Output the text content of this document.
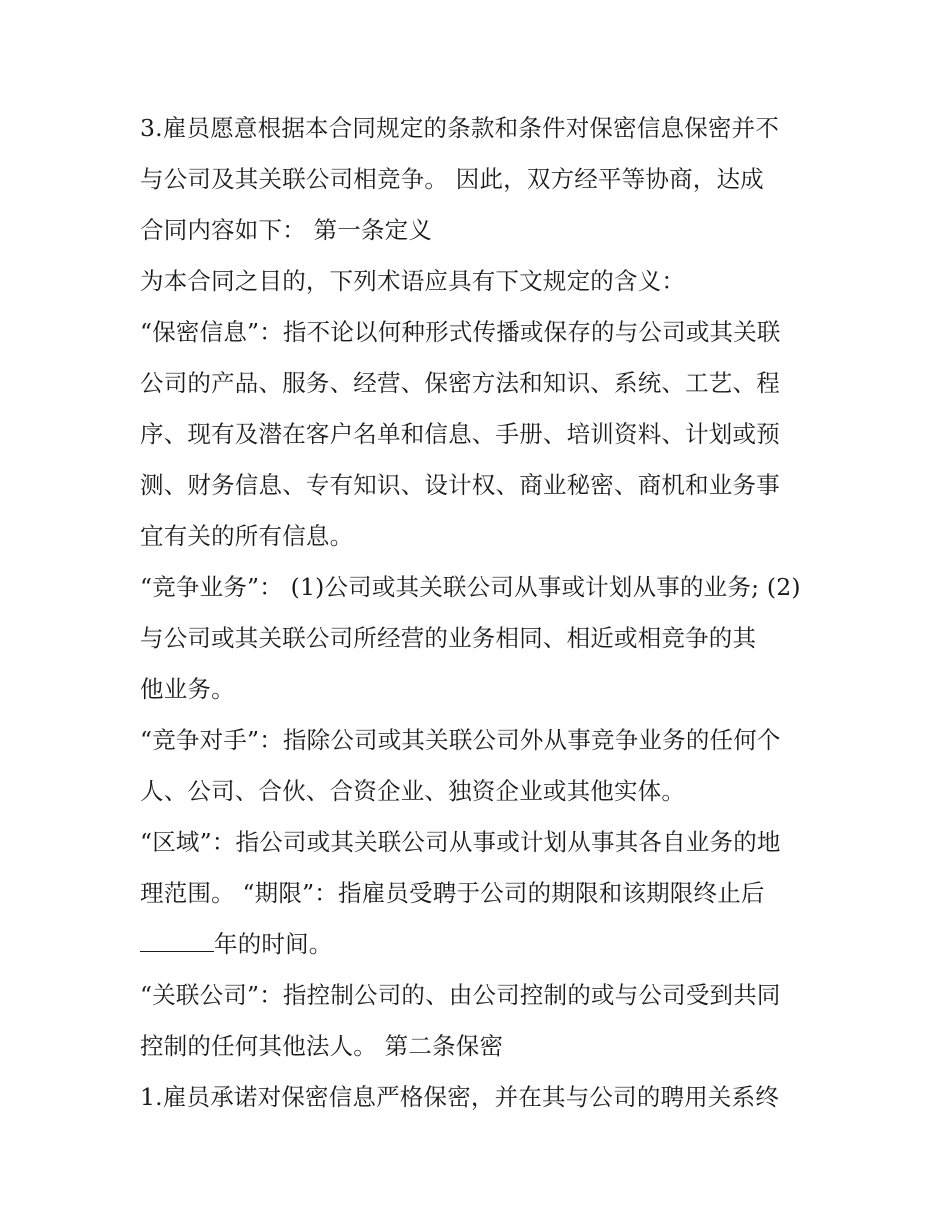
3.雇员愿意根据本合同规定的条款和条件对保密信息保密并不
与公司及其关联公司相竞争。 因此，双方经平等协商，达成
合同内容如下： 第一条定义
为本合同之目的，下列术语应具有下文规定的含义：
“保密信息”：指不论以何种形式传播或保存的与公司或其关联
公司的产品、服务、经营、保密方法和知识、系统、工艺、程
序、现有及潜在客户名单和信息、手册、培训资料、计划或预
测、财务信息、专有知识、设计权、商业秘密、商机和业务事
宜有关的所有信息。
“竞争业务”： (1)公司或其关联公司从事或计划从事的业务; (2)
与公司或其关联公司所经营的业务相同、相近或相竞争的其
他业务。
“竞争对手”：指除公司或其关联公司外从事竞争业务的任何个
人、公司、合伙、合资企业、独资企业或其他实体。
“区域”：指公司或其关联公司从事或计划从事其各自业务的地
理范围。 “期限”：指雇员受聘于公司的期限和该期限终止后
年的时间。
“关联公司”：指控制公司的、由公司控制的或与公司受到共同
控制的任何其他法人。 第二条保密
1.雇员承诺对保密信息严格保密，并在其与公司的聘用关系终
